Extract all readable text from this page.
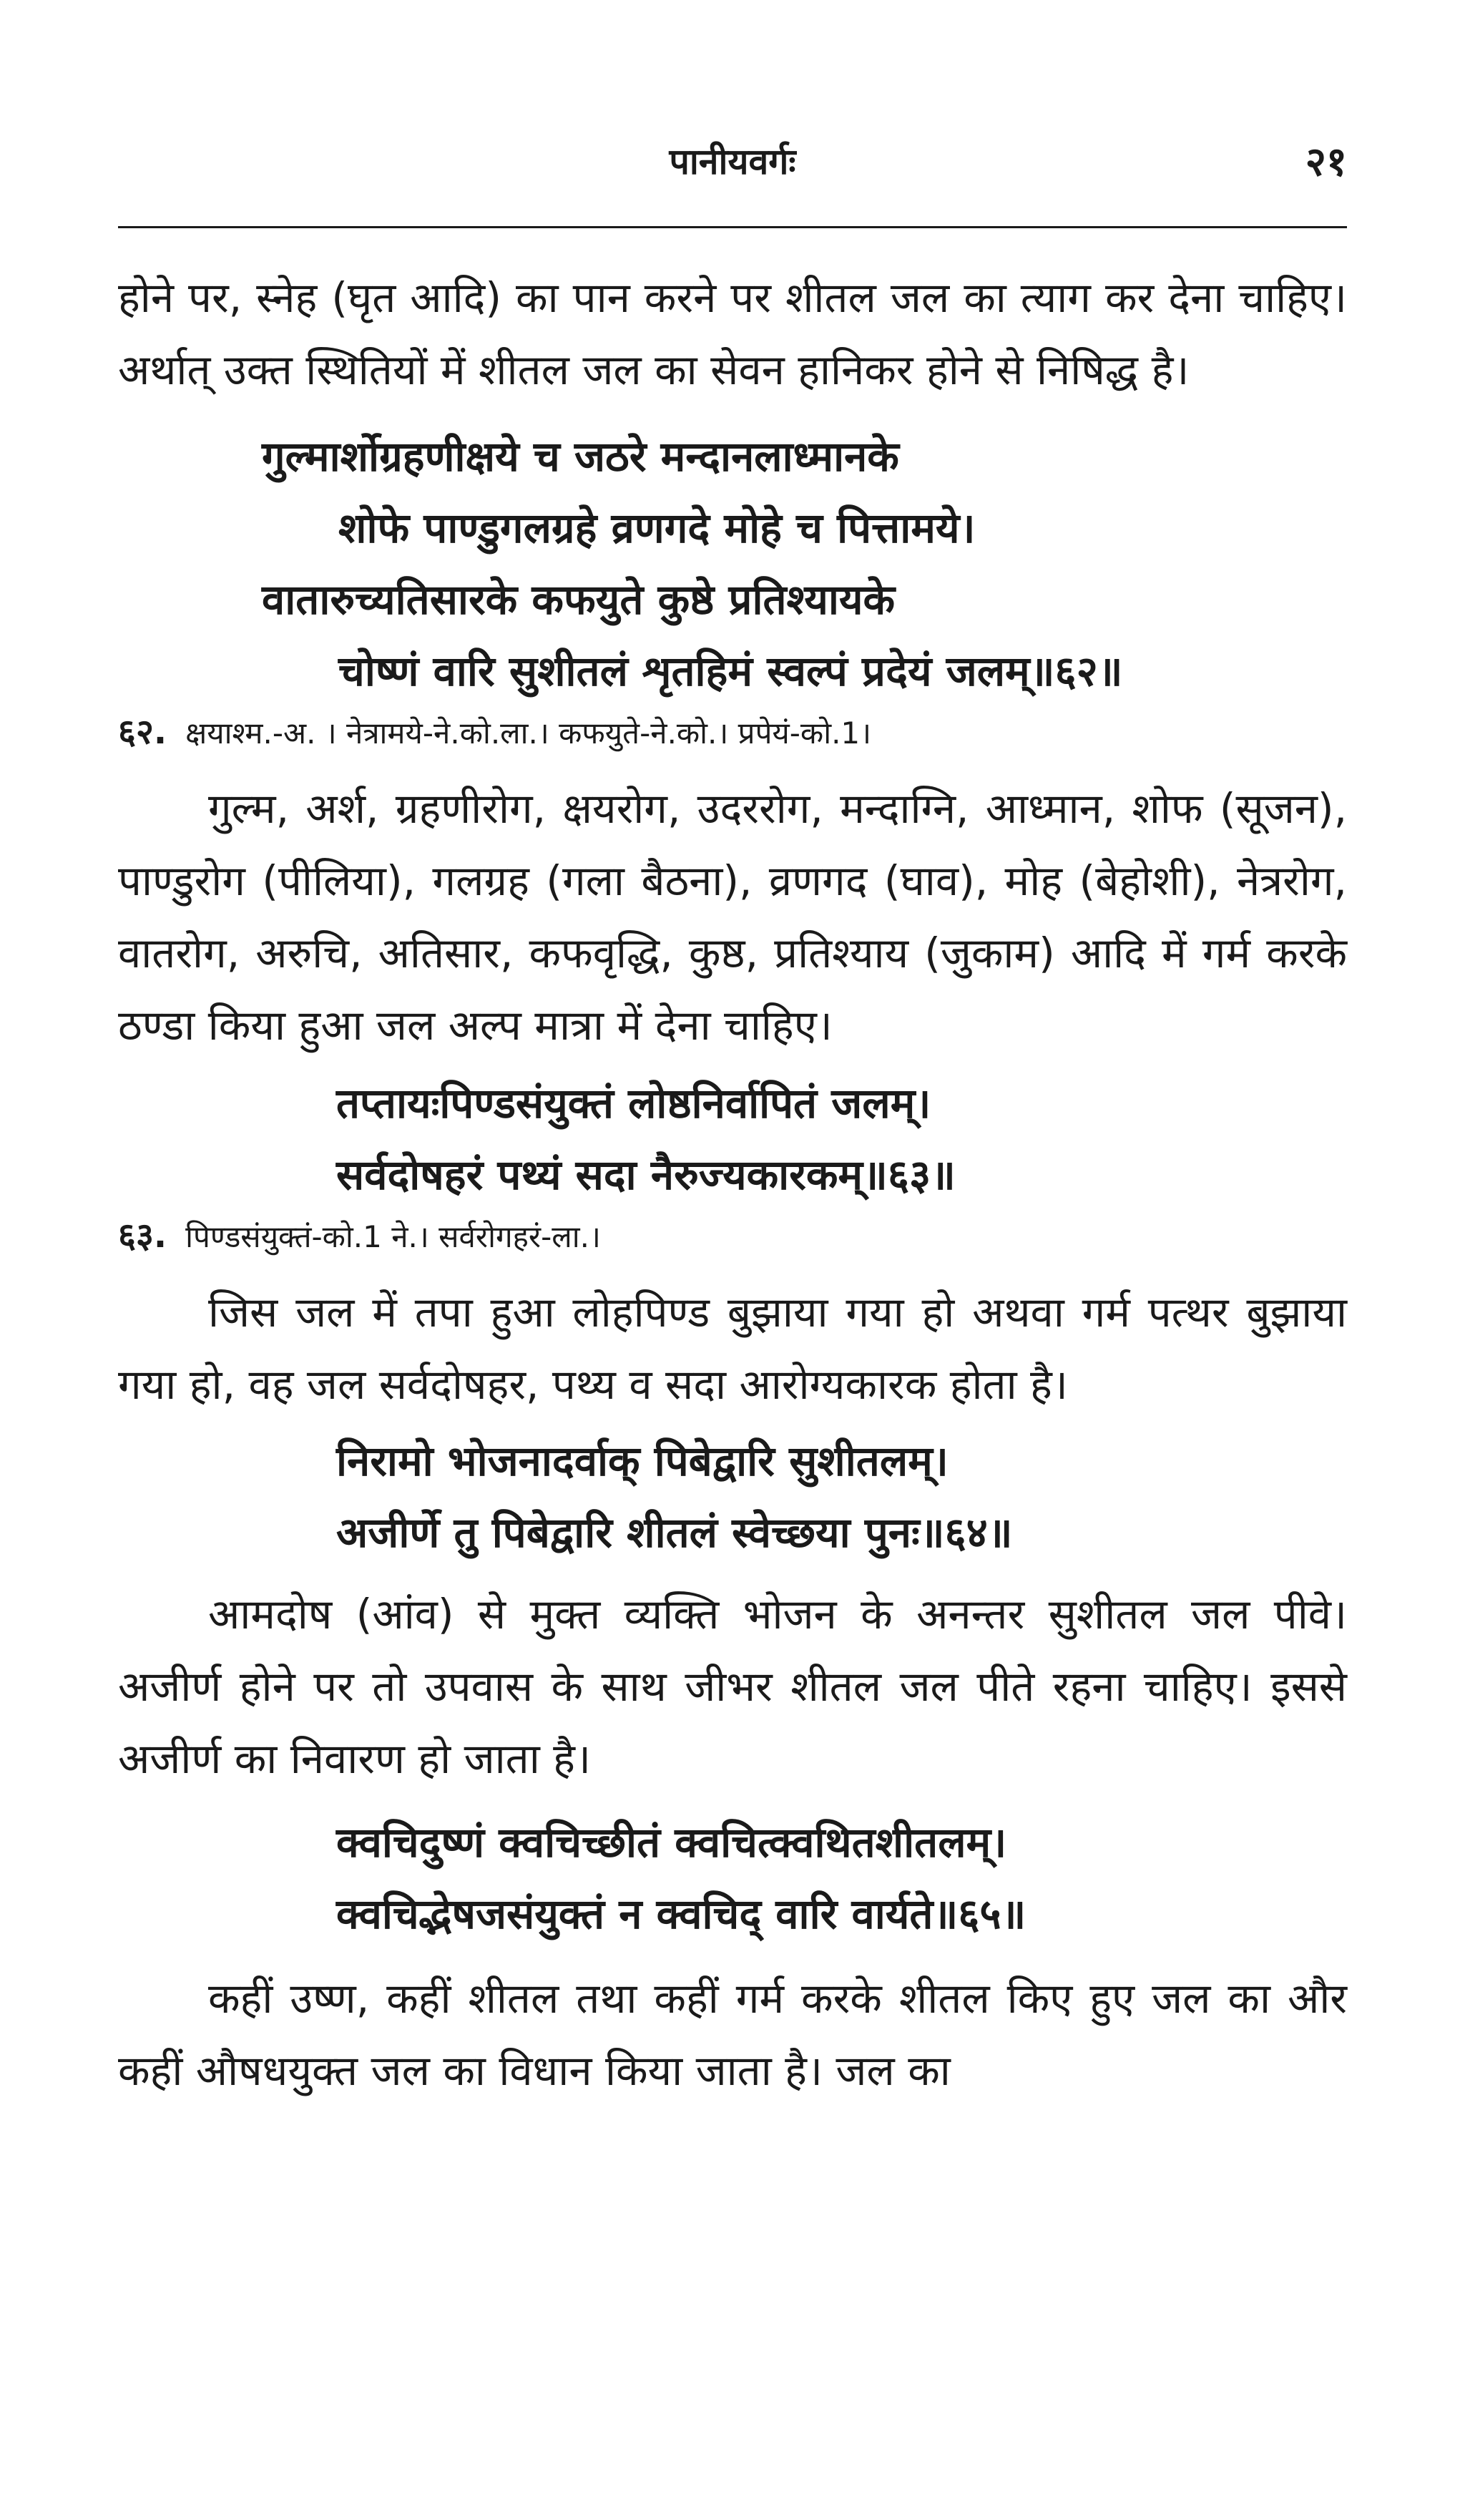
पानीयवर्गः	२१

होने पर, स्नेह (घृत आदि) का पान करने पर शीतल जल का त्याग कर देना चाहिए। अर्थात् उक्त स्थितियों में शीतल जल का सेवन हानिकर होने से निषिद्ध है।

गुल्मार्शोग्रहणीक्षये च जठरे मन्दानलाध्मानके
शोफे पाण्डुगलग्रहे व्रणगदे मोहे च पित्तामये।
वातारुच्यतिसारके कफयुते कुष्ठे प्रतिश्यायके
चोष्णं वारि सुशीतलं शृतहिमं स्वल्पं प्रदेयं जलम्॥६२॥

६२. क्षयाश्म.-अ. । नेत्रामये-ने.को.ला.। कफयुते-ने.को.। प्रपेयं-को.1।

गुल्म, अर्श, ग्रहणीरोग, क्षयरोग, उदररोग, मन्दाग्नि, आध्मान, शोफ (सूजन), पाण्डुरोग (पीलिया), गलग्रह (गला बैठना), व्रणगद (घाव), मोह (बेहोशी), नेत्ररोग, वातरोग, अरुचि, अतिसार, कफवृद्धि, कुष्ठ, प्रतिश्याय (जुकाम) आदि में गर्म करके ठण्डा किया हुआ जल अल्प मात्रा में देना चाहिए।

तप्तायःपिण्डसंयुक्तं लोष्ठनिर्वापितं जलम्।
सर्वदोषहरं पथ्यं सदा नैरुज्यकारकम्॥६३॥

६३. पिण्डसंयुक्तं-को.1 ने.। सर्वरोगहरं-ला.।

जिस जल में तपा हुआ लोहपिण्ड बुझाया गया हो अथवा गर्म पत्थर बुझाया गया हो, वह जल सर्वदोषहर, पथ्य व सदा आरोग्यकारक होता है।

निरामो भोजनादर्वाक् पिबेद्वारि सुशीतलम्।
अजीर्णे तु पिबेद्वारि शीतलं स्वेच्छया पुनः॥६४॥

आमदोष (आंव) से मुक्त व्यक्ति भोजन के अनन्तर सुशीतल जल पीवे। अजीर्ण होने पर तो उपवास के साथ जीभर शीतल जल पीते रहना चाहिए। इससे अजीर्ण का निवारण हो जाता है।

क्वचिदुष्णं क्वचिच्छीतं क्वचित्क्वथितशीतलम्।
क्वचिद्भेषजसंयुक्तं न क्वचिद् वारि वार्यते॥६५॥

कहीं उष्ण, कहीं शीतल तथा कहीं गर्म करके शीतल किए हुए जल का और कहीं औषधयुक्त जल का विधान किया जाता है। जल का
